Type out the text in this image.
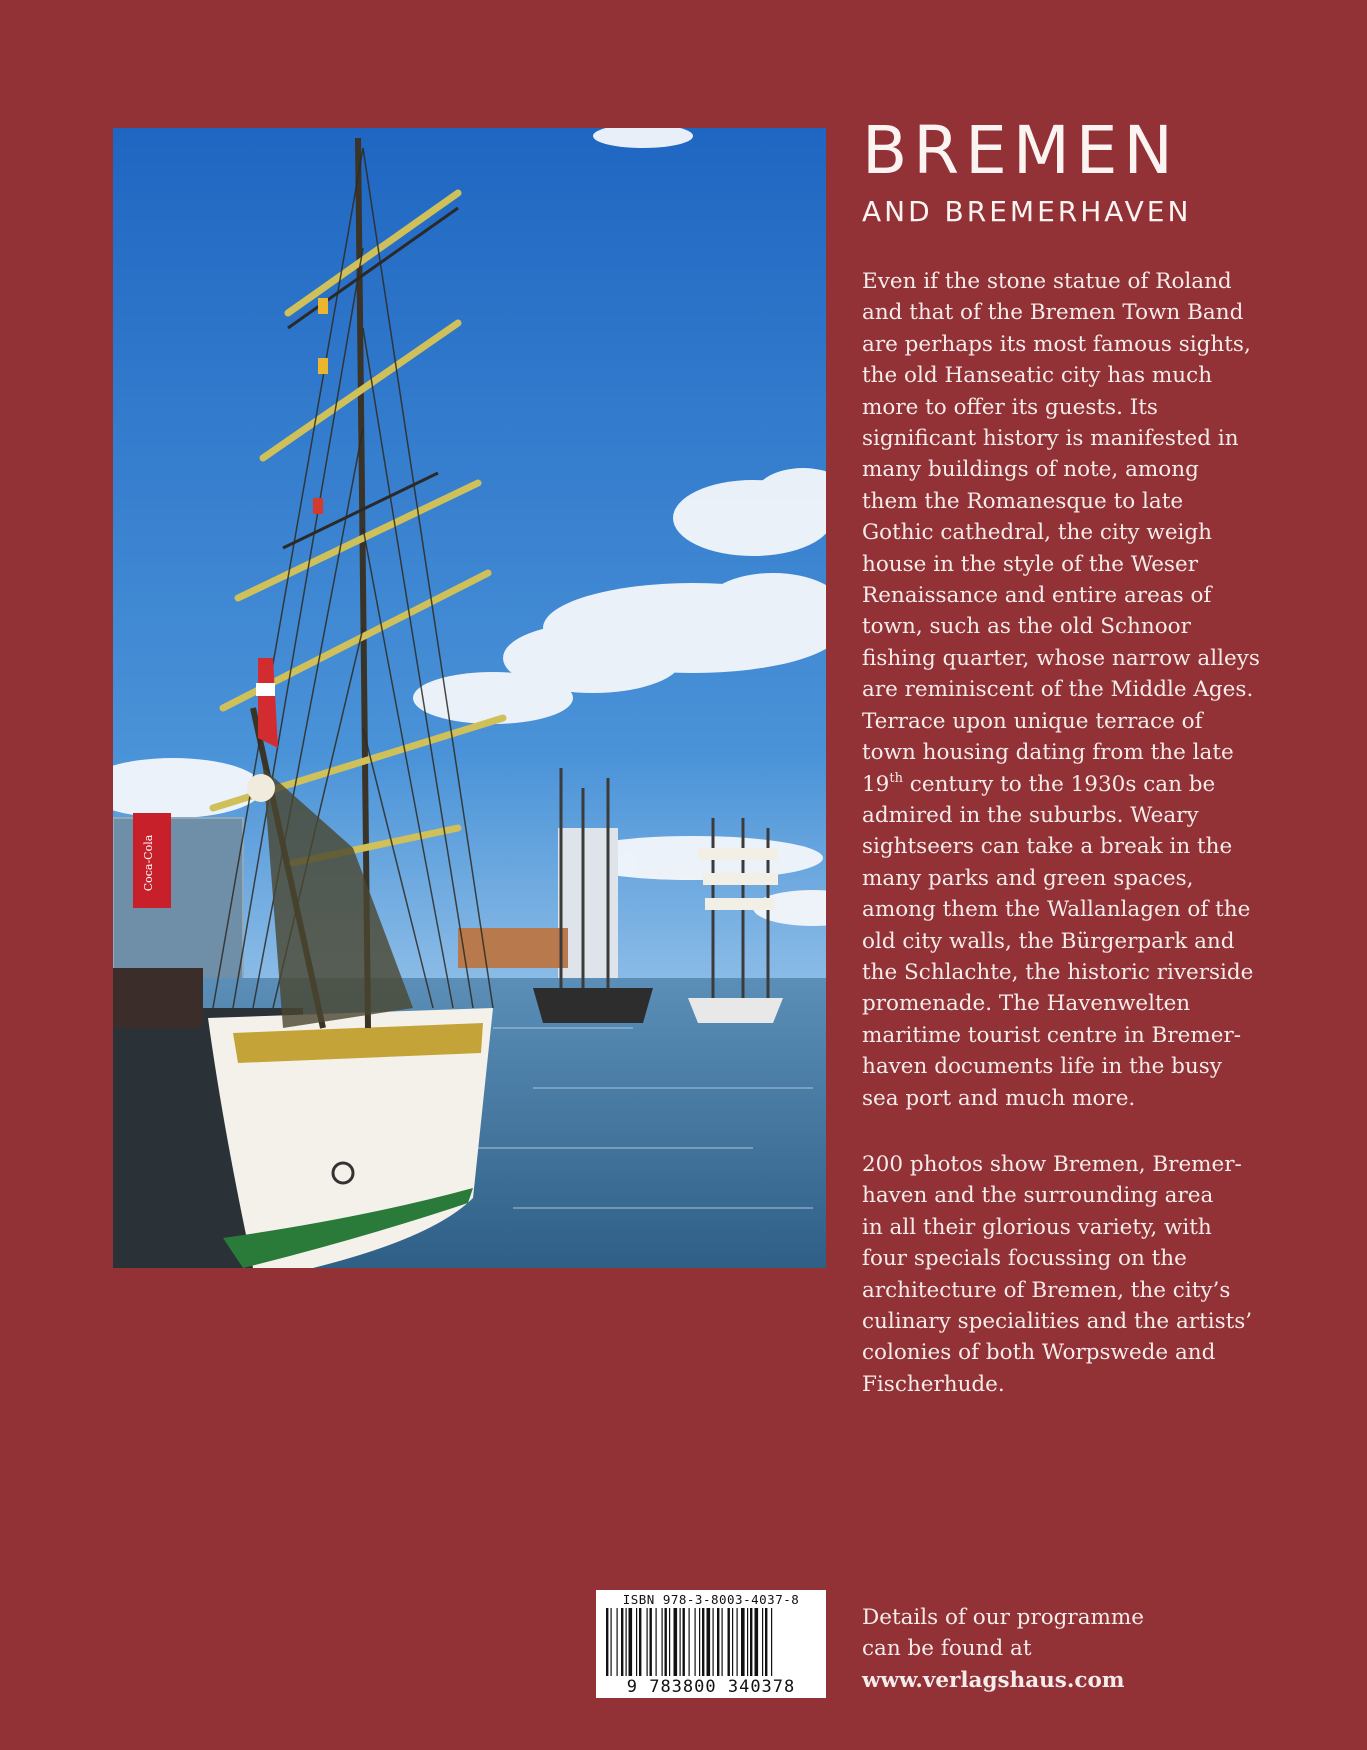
Coca-Cola
BREMEN
AND BREMERHAVEN
Even if the stone statue of Roland
and that of the Bremen Town Band
are perhaps its most famous sights,
the old Hanseatic city has much
more to offer its guests. Its
significant history is manifested in
many buildings of note, among
them the Romanesque to late
Gothic cathedral, the city weigh
house in the style of the Weser
Renaissance and entire areas of
town, such as the old Schnoor
fishing quarter, whose narrow alleys
are reminiscent of the Middle Ages.
Terrace upon unique terrace of
town housing dating from the late
19th century to the 1930s can be
admired in the suburbs. Weary
sightseers can take a break in the
many parks and green spaces,
among them the Wallanlagen of the
old city walls, the Bürgerpark and
the Schlachte, the historic riverside
promenade. The Havenwelten
maritime tourist centre in Bremer-
haven documents life in the busy
sea port and much more.
200 photos show Bremen, Bremer-
haven and the surrounding area
in all their glorious variety, with
four specials focussing on the
architecture of Bremen, the city’s
culinary specialities and the artists’
colonies of both Worpswede and
Fischerhude.
ISBN 978-3-8003-4037-8
9 783800 340378
Details of our programme
can be found at
www.verlagshaus.com
